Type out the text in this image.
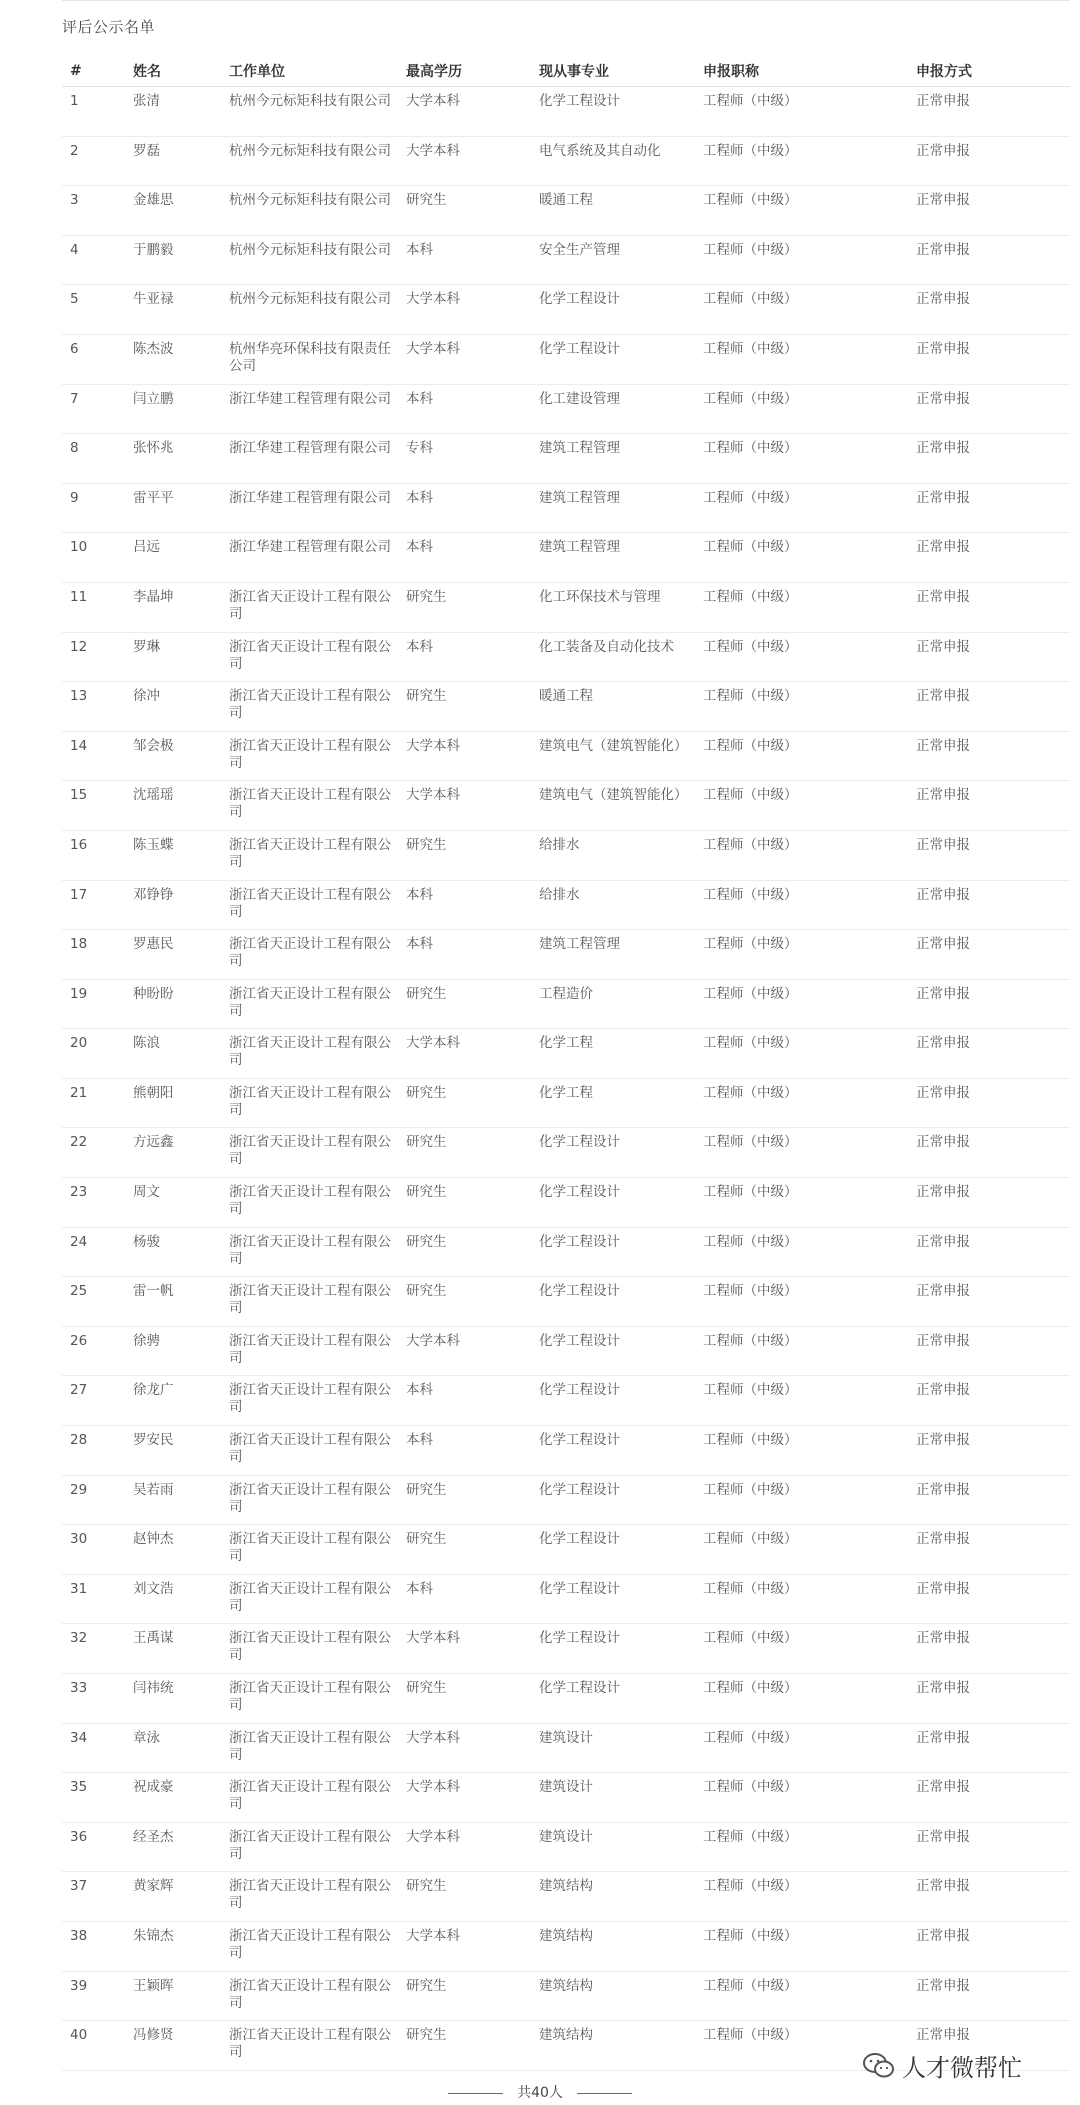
评后公示名单
#	姓名	工作单位	最高学历	现从事专业	申报职称	申报方式
1	张清	杭州今元标矩科技有限公司	大学本科	化学工程设计	工程师（中级）	正常申报
2	罗磊	杭州今元标矩科技有限公司	大学本科	电气系统及其自动化	工程师（中级）	正常申报
3	金雄思	杭州今元标矩科技有限公司	研究生	暖通工程	工程师（中级）	正常申报
4	于鹏毅	杭州今元标矩科技有限公司	本科	安全生产管理	工程师（中级）	正常申报
5	牛亚禄	杭州今元标矩科技有限公司	大学本科	化学工程设计	工程师（中级）	正常申报
6	陈杰波	杭州华亮环保科技有限责任公司	大学本科	化学工程设计	工程师（中级）	正常申报
7	闫立鹏	浙江华建工程管理有限公司	本科	化工建设管理	工程师（中级）	正常申报
8	张怀兆	浙江华建工程管理有限公司	专科	建筑工程管理	工程师（中级）	正常申报
9	雷平平	浙江华建工程管理有限公司	本科	建筑工程管理	工程师（中级）	正常申报
10	吕远	浙江华建工程管理有限公司	本科	建筑工程管理	工程师（中级）	正常申报
11	李晶坤	浙江省天正设计工程有限公司	研究生	化工环保技术与管理	工程师（中级）	正常申报
12	罗琳	浙江省天正设计工程有限公司	本科	化工装备及自动化技术	工程师（中级）	正常申报
13	徐冲	浙江省天正设计工程有限公司	研究生	暖通工程	工程师（中级）	正常申报
14	邹会极	浙江省天正设计工程有限公司	大学本科	建筑电气（建筑智能化）	工程师（中级）	正常申报
15	沈瑶瑶	浙江省天正设计工程有限公司	大学本科	建筑电气（建筑智能化）	工程师（中级）	正常申报
16	陈玉蝶	浙江省天正设计工程有限公司	研究生	给排水	工程师（中级）	正常申报
17	邓铮铮	浙江省天正设计工程有限公司	本科	给排水	工程师（中级）	正常申报
18	罗惠民	浙江省天正设计工程有限公司	本科	建筑工程管理	工程师（中级）	正常申报
19	种盼盼	浙江省天正设计工程有限公司	研究生	工程造价	工程师（中级）	正常申报
20	陈浪	浙江省天正设计工程有限公司	大学本科	化学工程	工程师（中级）	正常申报
21	熊朝阳	浙江省天正设计工程有限公司	研究生	化学工程	工程师（中级）	正常申报
22	方远鑫	浙江省天正设计工程有限公司	研究生	化学工程设计	工程师（中级）	正常申报
23	周文	浙江省天正设计工程有限公司	研究生	化学工程设计	工程师（中级）	正常申报
24	杨骏	浙江省天正设计工程有限公司	研究生	化学工程设计	工程师（中级）	正常申报
25	雷一帆	浙江省天正设计工程有限公司	研究生	化学工程设计	工程师（中级）	正常申报
26	徐骋	浙江省天正设计工程有限公司	大学本科	化学工程设计	工程师（中级）	正常申报
27	徐龙广	浙江省天正设计工程有限公司	本科	化学工程设计	工程师（中级）	正常申报
28	罗安民	浙江省天正设计工程有限公司	本科	化学工程设计	工程师（中级）	正常申报
29	吴若雨	浙江省天正设计工程有限公司	研究生	化学工程设计	工程师（中级）	正常申报
30	赵钟杰	浙江省天正设计工程有限公司	研究生	化学工程设计	工程师（中级）	正常申报
31	刘文浩	浙江省天正设计工程有限公司	本科	化学工程设计	工程师（中级）	正常申报
32	王禹谋	浙江省天正设计工程有限公司	大学本科	化学工程设计	工程师（中级）	正常申报
33	闫祎统	浙江省天正设计工程有限公司	研究生	化学工程设计	工程师（中级）	正常申报
34	章泳	浙江省天正设计工程有限公司	大学本科	建筑设计	工程师（中级）	正常申报
35	祝成豪	浙江省天正设计工程有限公司	大学本科	建筑设计	工程师（中级）	正常申报
36	经圣杰	浙江省天正设计工程有限公司	大学本科	建筑设计	工程师（中级）	正常申报
37	黄家辉	浙江省天正设计工程有限公司	研究生	建筑结构	工程师（中级）	正常申报
38	朱锦杰	浙江省天正设计工程有限公司	大学本科	建筑结构	工程师（中级）	正常申报
39	王颖晖	浙江省天正设计工程有限公司	研究生	建筑结构	工程师（中级）	正常申报
40	冯修贤	浙江省天正设计工程有限公司	研究生	建筑结构	工程师（中级）	正常申报
共40人
人才微帮忙
